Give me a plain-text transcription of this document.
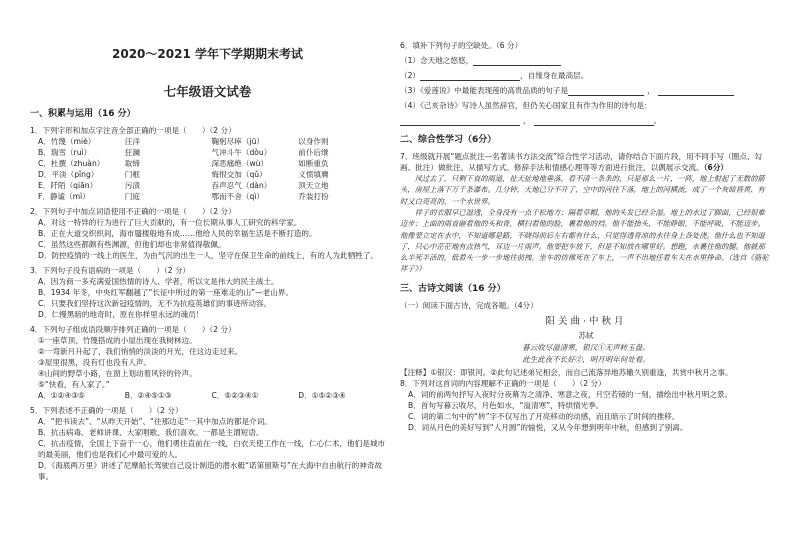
2020～2021 学年下学期期末考试

七年级语文试卷

一、积累与运用（16 分）

1．下列字形和加点字注音全部正确的一项是（　　）（2 分）

A．竹篾（miè）	汪洋	鞠躬尽瘁（jū）	以身作则
B．瑞雪（ruì）	狂澜	气冲斗牛（dòu）	前仆后继
C．杜撰（zhuàn）	取缔	深恶痛绝（wù）	如断重负
D．平淡（pǐng）	门框	悔恨交加（qǔ）	义愤填膺
E．阡陌（qiān）	污渍	吞声忍气（dàn）	顶天立地
F．静谧（mì）	门庭	鄂而不舍（qì）	乔装打扮

2．下列句子中加点词语使用不正确的一项是（　　）（2 分）

A．对这一特异的行为进行了巨大贡献的，有一位长期从事人工研究的科学家。

B．正在大道交织织间，海市蜃楼般地有成……他给人民的幸福生活是不断打造的。

C．虽然这些都颇有些渊源，但他们却也非常值得敬佩。

D．防控疫情的一线上的医生，为由气沉的出生一人，坚守在保卫生命的前线上，有的人为此牺牲了。

3．下列句子没有语病的一项是（　　）（2 分）

A．因为商一多充满爱国热情的诗人、学者，所以文是伟大的民主战士。

B．1934 年冬，中央红军翻越了“长征中所过的第一座难走的山”—老山界。

C．只要我们坚持这次新冠疫情的，无不为抗疫英雄们的事迹所动容。

D．仁慢黑暗的地奇时，原在你样里永远的魂员！

4．下列句子组成语段顺序排列正确的一项是（　　）（2 分）

①一座草顶、竹篾搭成的小屋出现在我树林边。

②一弯新月升起了，我们悄悄的淡淡的月光，往这边走过来。

③屋里很黑，没有灯也没有人声。

④山间的野草小路，在窗上划动着风铃的铃声。

⑤“快看，有人家了。”

A．①②④③⑤	B．②④⑤①③	C．⑤②③④①	D．①⑤②③④

5．下列表述不正确的一项是（　　）（2 分）

A．“把书读去”、“从昨天开始”、“往那边走”一其中加点的都是介词。

B．抗击病毒、老师讲课、大家唱歌、我们喜欢。一都是主谓短语。

C．抗击疫情，全国上下奋于一心，他们勇往直前在一线，白衣天使工作在一线，仁心仁术，他们是城市的最美丽，他们也是我们心中最可爱的人。

D．《海底两万里》讲述了尼摩船长驾驶自己设计制造的潜水艇“诺第留斯号”在大海中自由航行的神奇故事。

6．填补下列句子的空缺处。（6 分）

（1）念天地之悠悠，
（2）	，自缘身在最高层。
（3）《爱莲说》中最能表现莲的高贵品质的句子是	，
（4）《己亥杂诗》写诗人虽然辞官，但仍关心国家且有作为作用的诗句是：
，	。

二、综合性学习（6分）

7．班级就开展“题点批注—名著读书方法交流”综合性学习活动，请你结合下面片段，用不同手写（圈点、勾画、批注）做批注，从描写方式、修辞手法和情感心理等等方面进行批注，以偶展示交流。（6分）

风过去了，只剩下直的雨道，扯天扯地地垂落，看不清一条条的，只是那么一片，一阵，地上射起了无数的箭头，房屋上落下万千条瀑布。几分钟，天地已分不开了，空中的河往下落，地上的河横流，成了一个灰暗昏黄、有时又白亮亮的、一个水世界。

祥子的衣服早已湿透，全身没有一点干松地方；隔着草帽，他的头发已经全湿。地上的水过了脚面，已经很难迈步；上面的雨直砸着他的头和背，横扫着他的脸，裹着他的裆。他不能抬头，不能睁眼，不能呼吸，不能迈步。他像要立定在水中，不知道哪是路，不晓得前后左右都有什么，只觉得透骨凉的水往身上各处浇。他什么也不知道了，只心中茫茫地有点热气，耳边一片雨声。他要把车放下，但是不知放在哪里好。想跑，水裹住他的腿。他就那么半死半活的，低着头一步一步地往前拽。坐车的仿佛死在了车上，一声不出地任着车夫在水里挣命。（选自《骆驼祥子》）

三、古诗文阅读（16 分）

（一）阅读下面古诗，完成各题。（4分）

阳关曲·中秋月

苏轼

暮云收尽溢清寒，银汉①无声转玉盘。

此生此夜不长好②，明月明年何处看。

【注释】①银汉：即银河。②此句记述弟兄相会，而自己流落异地苏辙久别重逢，共赏中秋月之事。

8．下列对这首词的内容理解不正确的一项是（　　）（2 分）

A．词的前两句抒写入夜时分夜幕为之清净、寒意之夜，月空若镜的一刻，描绘出中秋月明之景。

B．首句写暮云收尽，月色如水，“溢清寒”，特烘情光季。

C．词的第二句中的“转”字不仅写出了月亮移动的动感，而且暗示了时间的推移。

D．词从月色的美好写到“人月圆”的愉悦，又从今年想到明年中秋，但感到了别离。
